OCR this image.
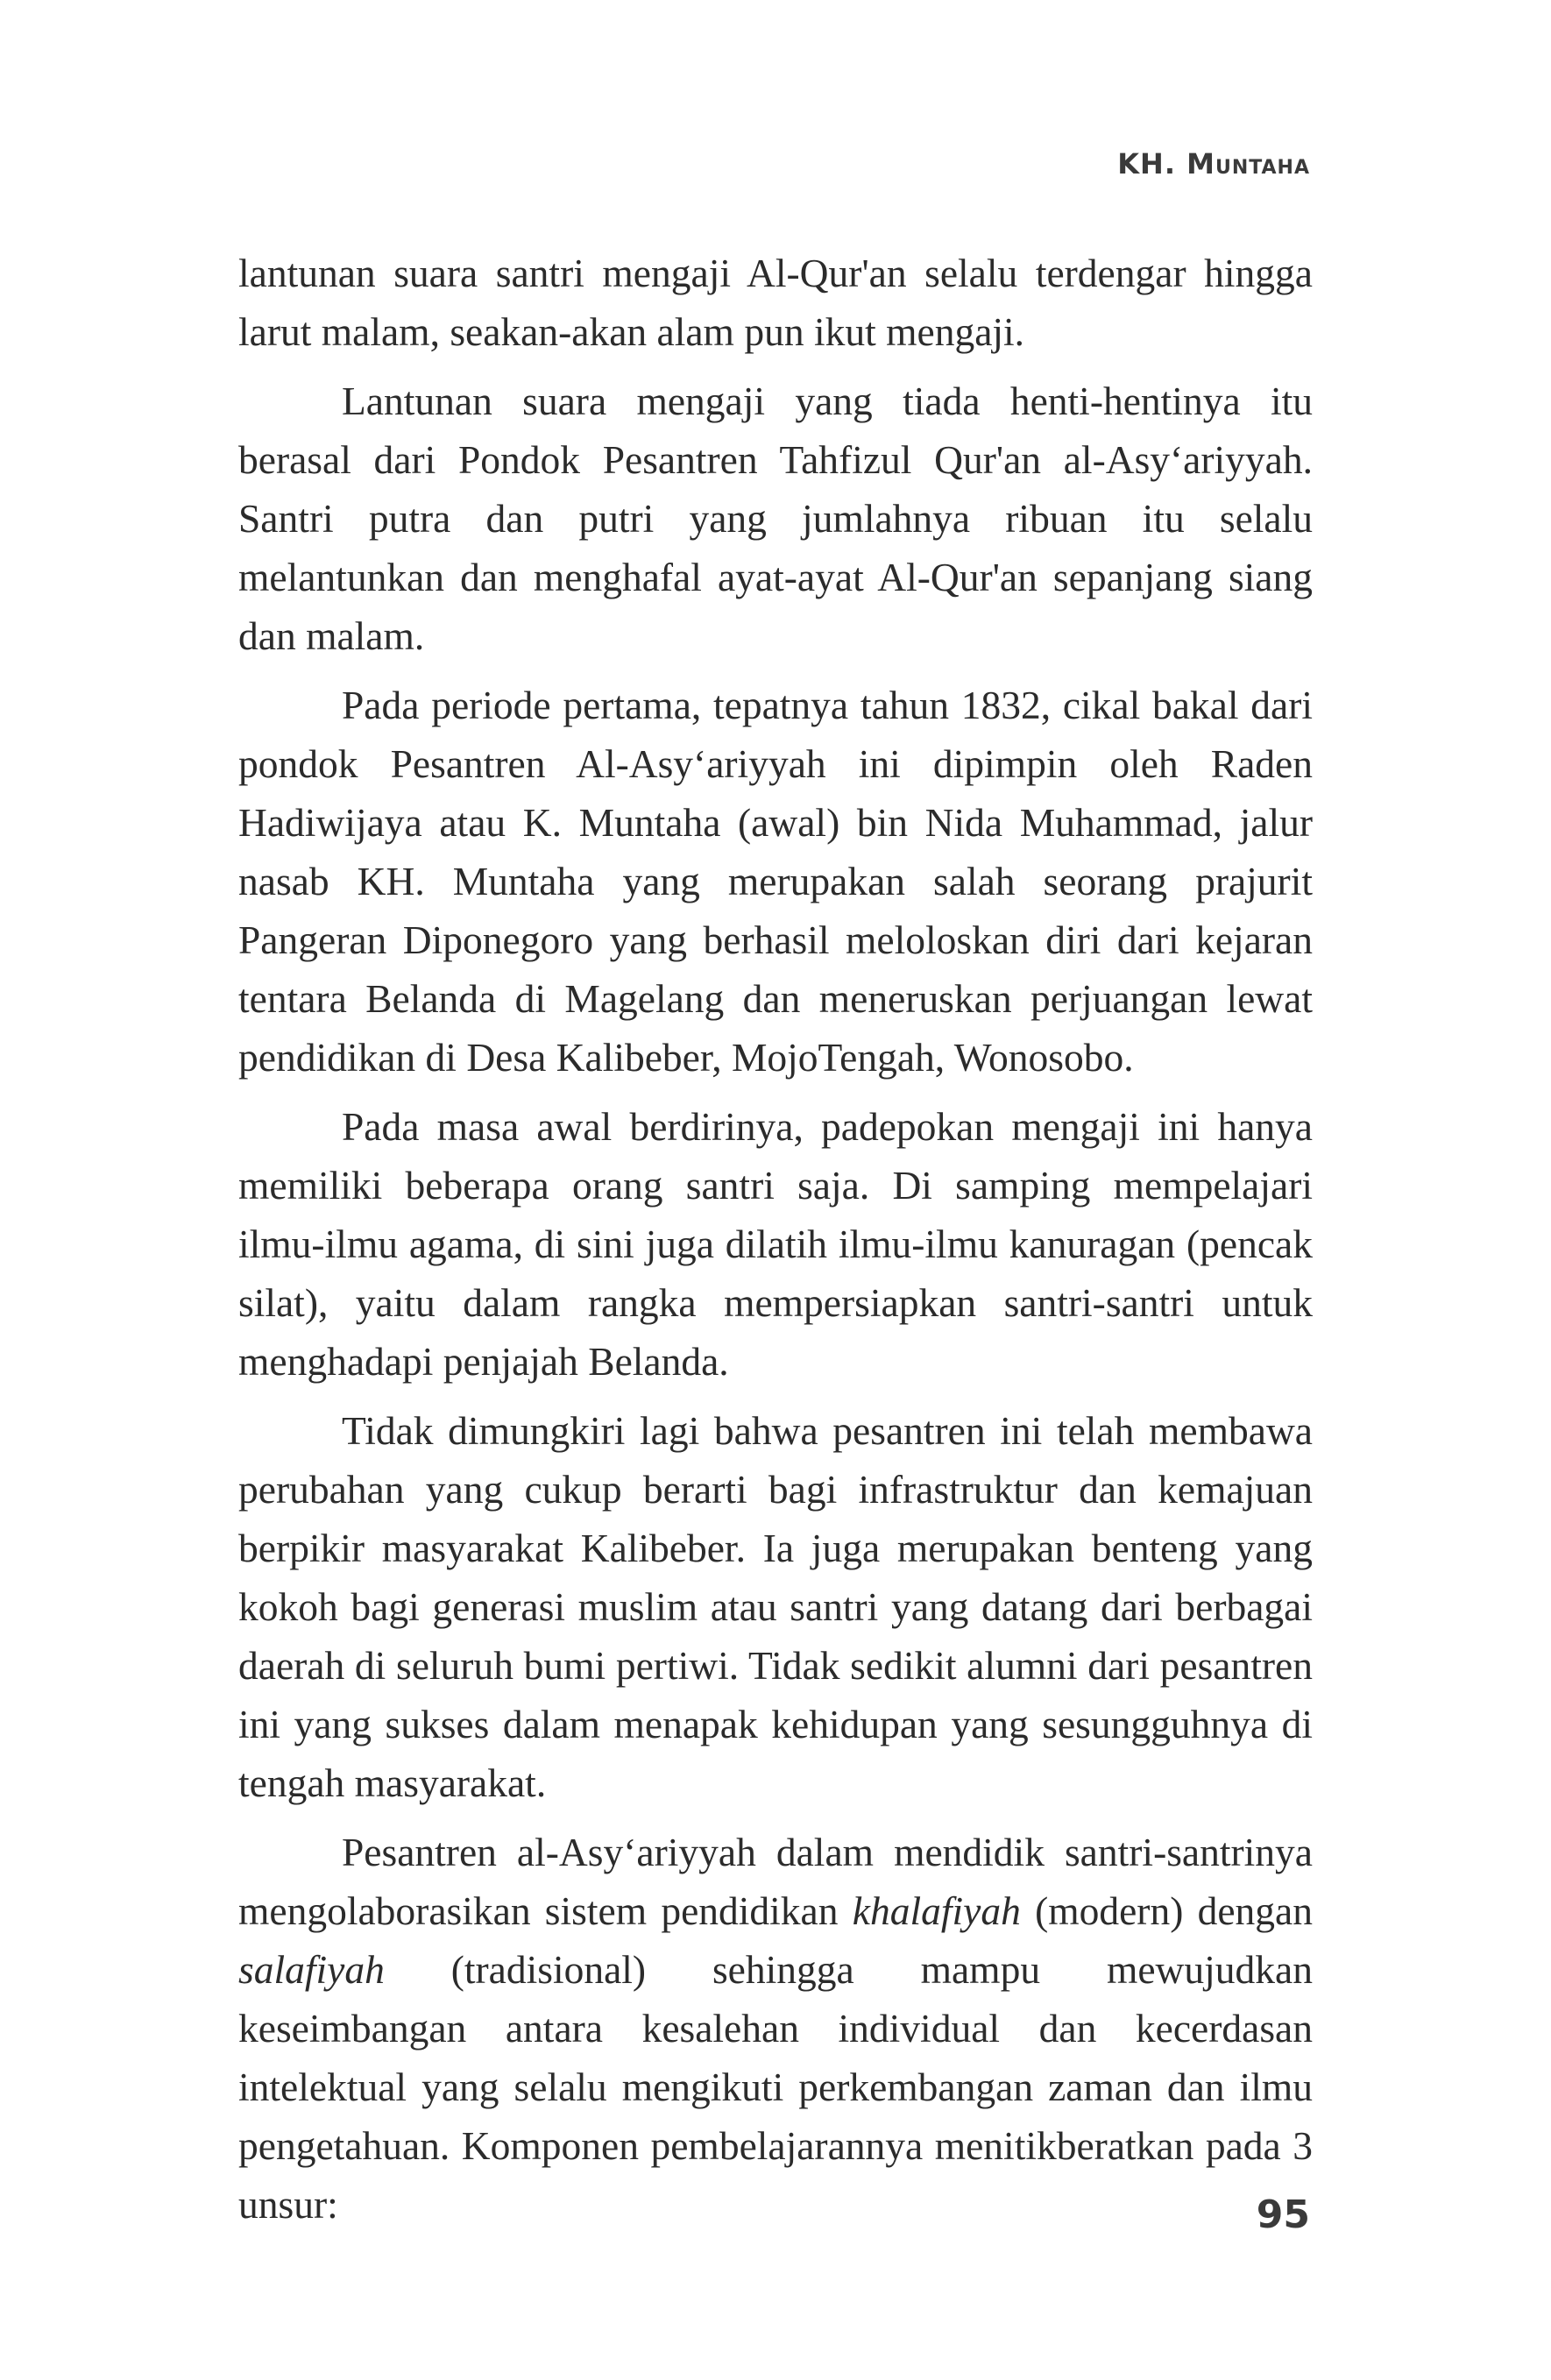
KH. Muntaha

lantunan suara santri mengaji Al-Qur'an selalu terdengar hingga larut malam, seakan-akan alam pun ikut mengaji.

Lantunan suara mengaji yang tiada henti-hentinya itu berasal dari Pondok Pesantren Tahfizul Qur'an al-Asy‘ariyyah. Santri putra dan putri yang jumlahnya ribuan itu selalu melantunkan dan menghafal ayat-ayat Al-Qur'an sepanjang siang dan malam.

Pada periode pertama, tepatnya tahun 1832, cikal bakal dari pondok Pesantren Al-Asy‘ariyyah ini dipimpin oleh Raden Hadiwijaya atau K. Muntaha (awal) bin Nida Muhammad, jalur nasab KH. Muntaha yang merupakan salah seorang prajurit Pangeran Diponegoro yang berhasil meloloskan diri dari kejaran tentara Belanda di Magelang dan meneruskan perjuangan lewat pendidikan di Desa Kalibeber, MojoTengah, Wonosobo.

Pada masa awal berdirinya, padepokan mengaji ini hanya memiliki beberapa orang santri saja. Di samping mempelajari ilmu-ilmu agama, di sini juga dilatih ilmu-ilmu kanuragan (pencak silat), yaitu dalam rangka mempersiapkan santri-santri untuk menghadapi penjajah Belanda.

Tidak dimungkiri lagi bahwa pesantren ini telah membawa perubahan yang cukup berarti bagi infrastruktur dan kemajuan berpikir masyarakat Kalibeber. Ia juga merupakan benteng yang kokoh bagi generasi muslim atau santri yang datang dari berbagai daerah di seluruh bumi pertiwi. Tidak sedikit alumni dari pesantren ini yang sukses dalam menapak kehidupan yang sesungguhnya di tengah masyarakat.

Pesantren al-Asy‘ariyyah dalam mendidik santri-santrinya mengolaborasikan sistem pendidikan khalafiyah (modern) dengan salafiyah (tradisional) sehingga mampu mewujudkan keseimbangan antara kesalehan individual dan kecerdasan intelektual yang selalu mengikuti perkembangan zaman dan ilmu pengetahuan. Komponen pembelajarannya menitikberatkan pada 3 unsur:	95
